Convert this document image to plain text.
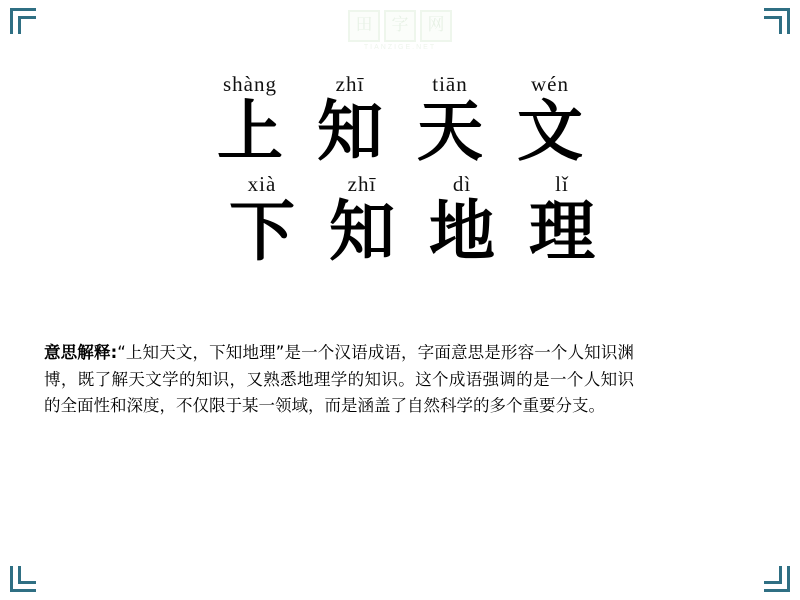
田	字	网
TIANZIGE.NET
shàng	zhī	tiān	wén
上 知 天 文
xià	zhī	dì	lǐ
下 知 地 理
意思解释:“上知天文，下知地理”是一个汉语成语，字面意思是形容一个人知识渊博，既了解天文学的知识，又熟悉地理学的知识。这个成语强调的是一个人知识的全面性和深度，不仅限于某一领域，而是涵盖了自然科学的多个重要分支。
